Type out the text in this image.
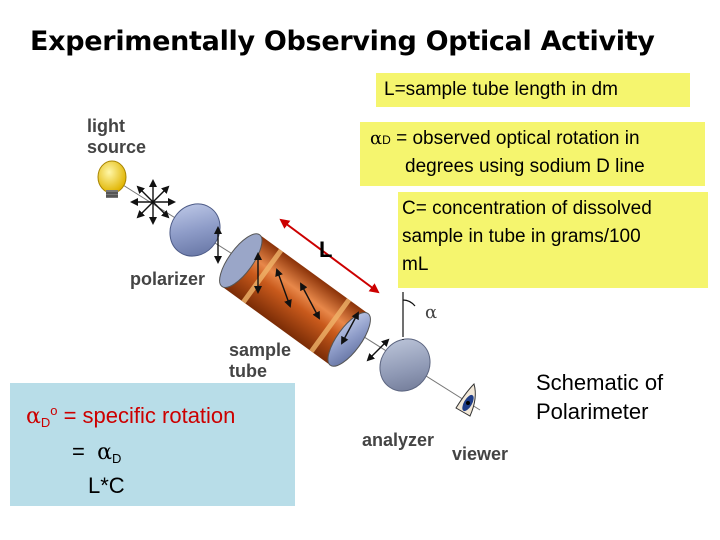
Experimentally Observing Optical Activity
L=sample tube length in dm
αD = observed optical rotation in
degrees using sodium D line
C= concentration of dissolved
sample in tube in grams/100
mL
$\alpha_D^o$ = specific rotation
=  $\alpha_D$
L*C
light
source
polarizer
sample
tube
analyzer
viewer
α
L
Schematic of
Polarimeter
